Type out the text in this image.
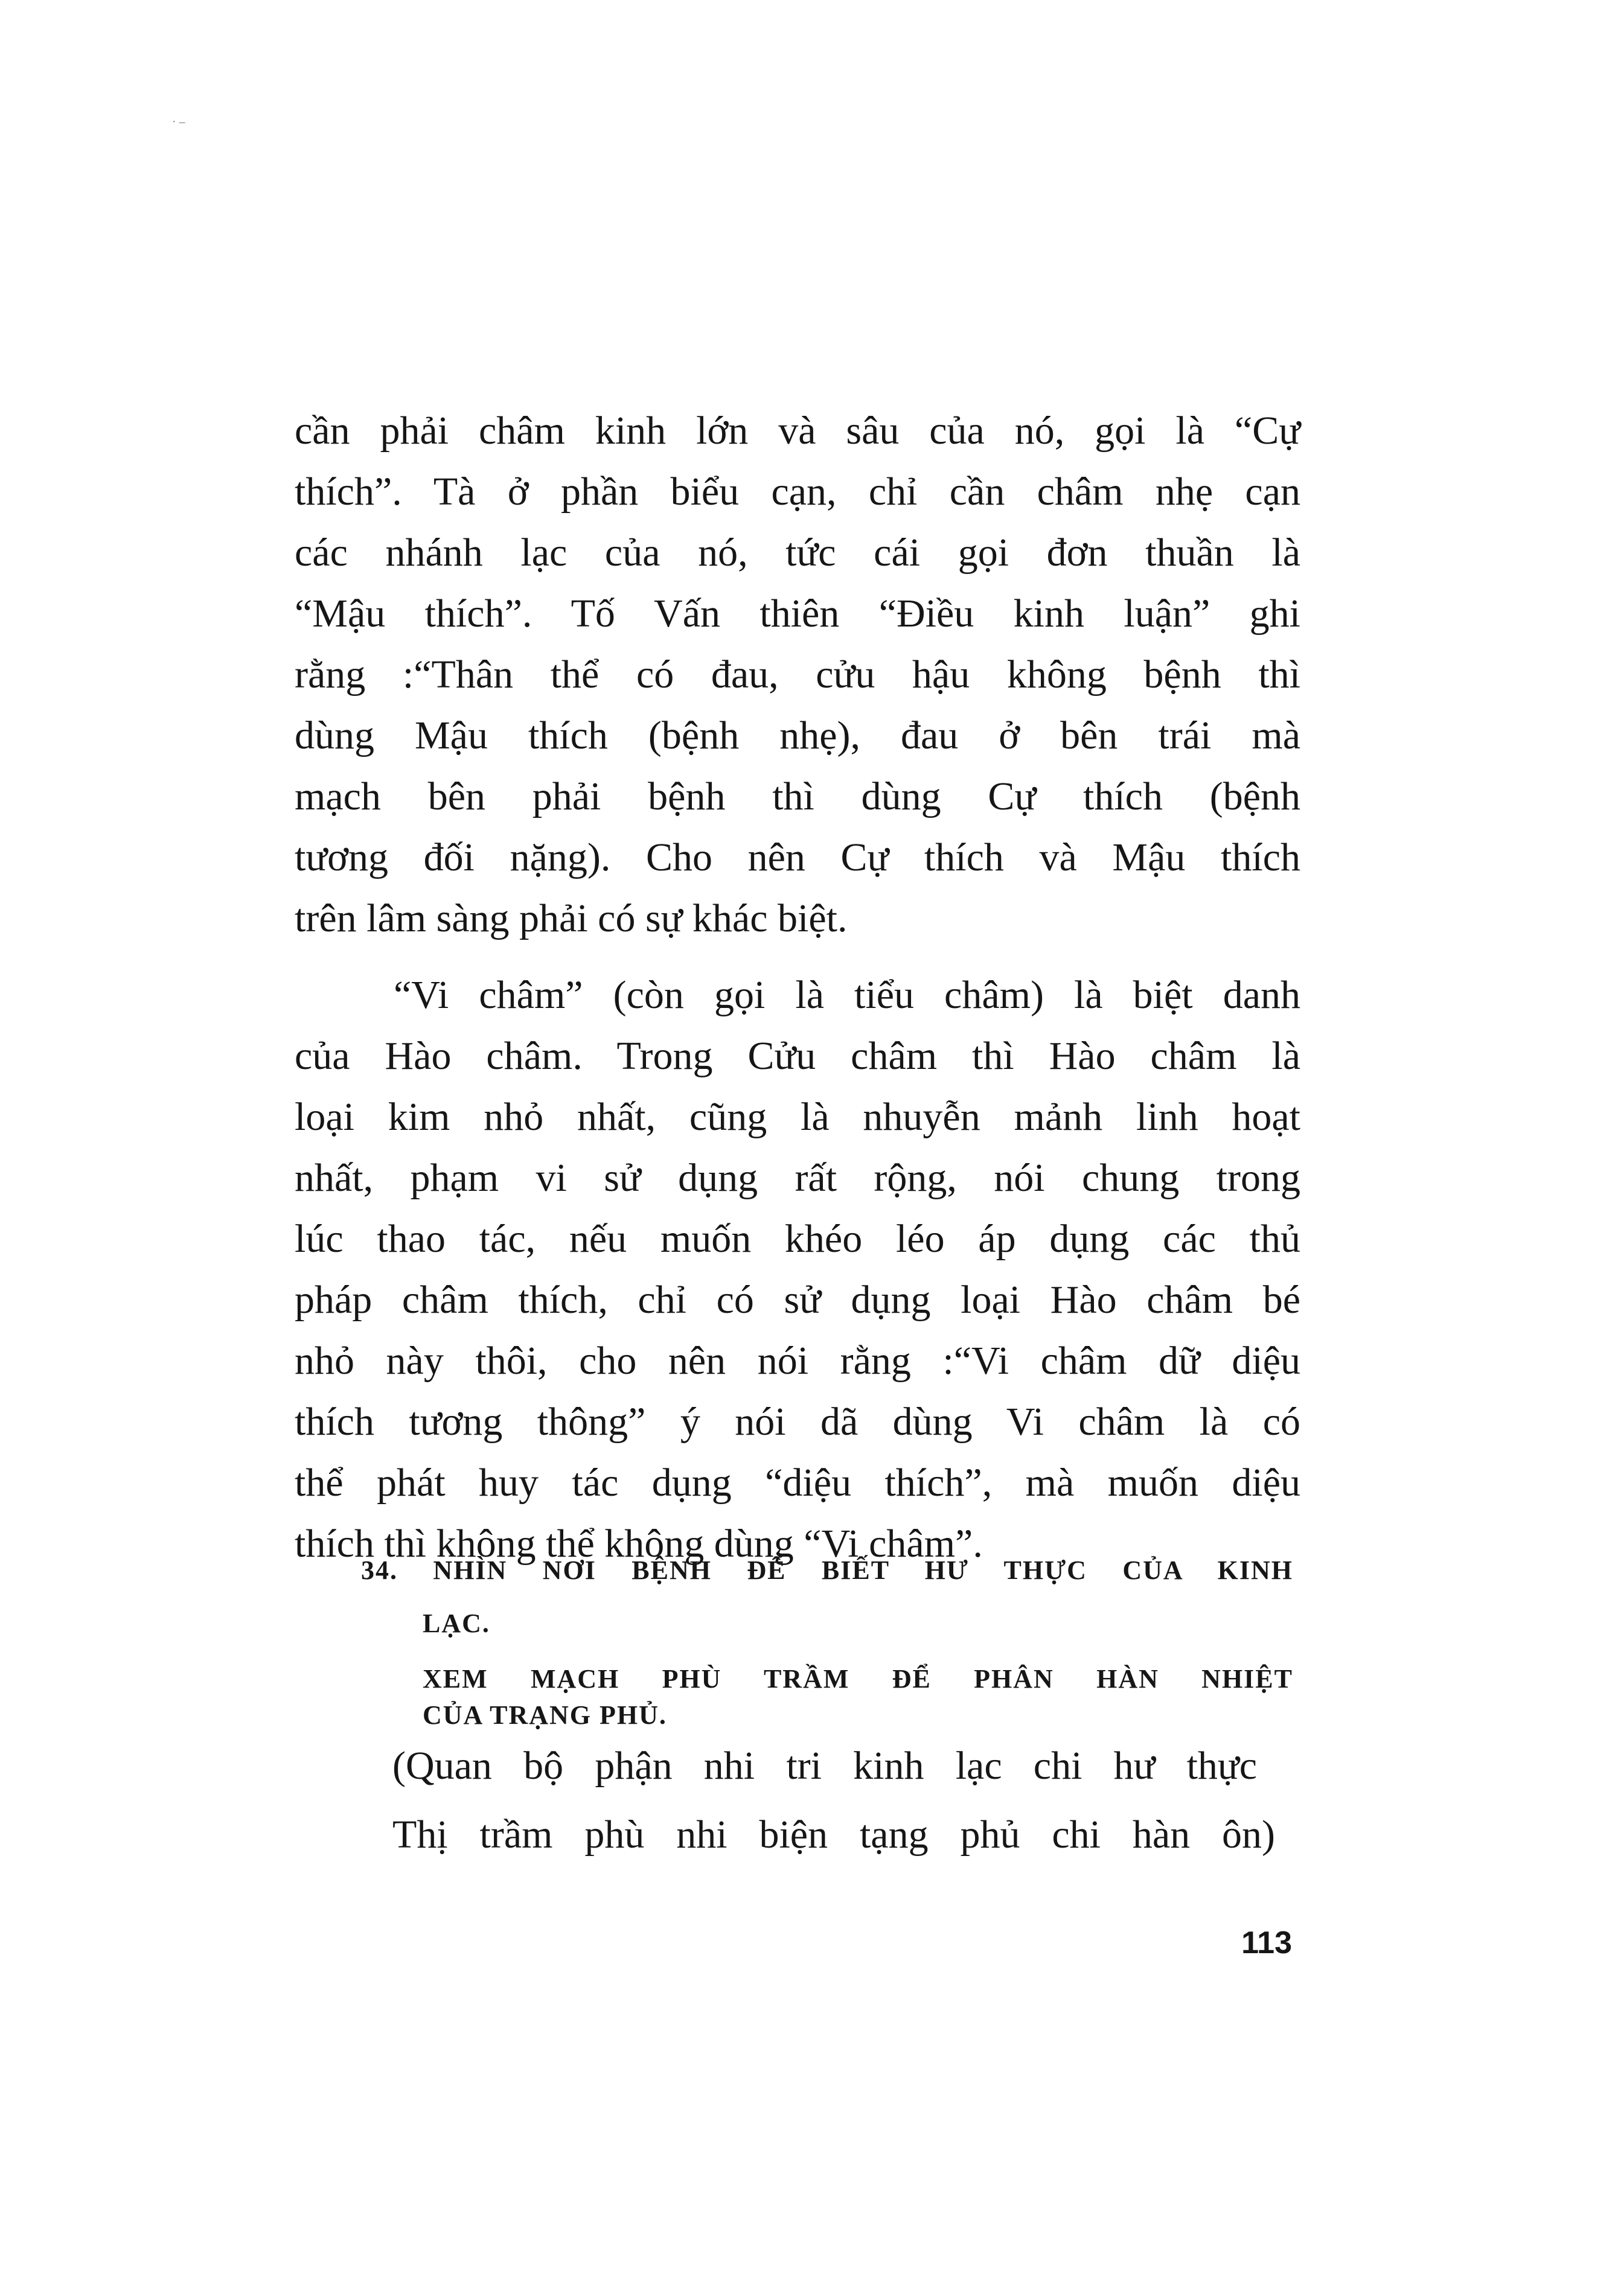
· ‒
cần phải châm kinh lớn và sâu của nó, gọi là “Cự
thích”. Tà ở phần biểu cạn, chỉ cần châm nhẹ cạn
các nhánh lạc của nó, tức cái gọi đơn thuần là
“Mậu thích”. Tố Vấn thiên “Điều kinh luận” ghi
rằng :“Thân thể có đau, cửu hậu không bệnh thì
dùng Mậu thích (bệnh nhẹ), đau ở bên trái mà
mạch bên phải bệnh thì dùng Cự thích (bệnh
tương đối nặng). Cho nên Cự thích và Mậu thích
trên lâm sàng phải có sự khác biệt.
“Vi châm” (còn gọi là tiểu châm) là biệt danh
của Hào châm. Trong Cửu châm thì Hào châm là
loại kim nhỏ nhất, cũng là nhuyễn mảnh linh hoạt
nhất, phạm vi sử dụng rất rộng, nói chung trong
lúc thao tác, nếu muốn khéo léo áp dụng các thủ
pháp châm thích, chỉ có sử dụng loại Hào châm bé
nhỏ này thôi, cho nên nói rằng :“Vi châm dữ diệu
thích tương thông” ý nói dã dùng Vi châm là có
thể phát huy tác dụng “diệu thích”, mà muốn diệu
thích thì không thể không dùng “Vi châm”.
34. NHÌN NƠI BỆNH ĐỂ BIẾT HƯ THỰC CỦA KINH
LẠC.
XEM MẠCH PHÙ TRẦM ĐỂ PHÂN HÀN NHIỆT
CỦA TRẠNG PHỦ.
(Quan bộ phận nhi tri kinh lạc chi hư thực
Thị trầm phù nhi biện tạng phủ chi hàn ôn)
113
